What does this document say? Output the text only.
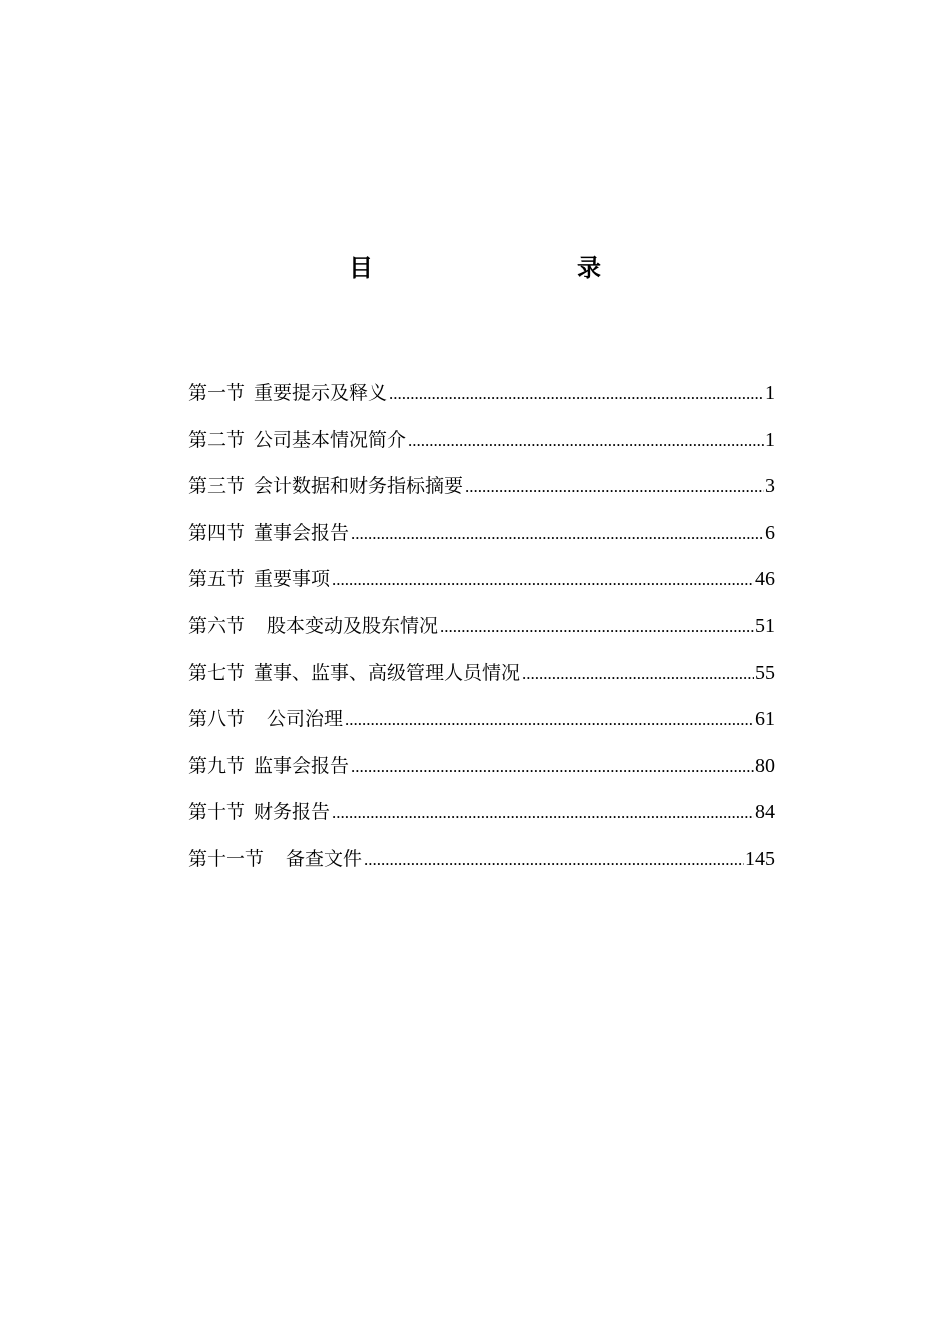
目　　录
第一节 重要提示及释义 .....	1
第二节 公司基本情况简介 .....	1
第三节 会计数据和财务指标摘要 .....	3
第四节 董事会报告 .....	6
第五节 重要事项 .....	46
第六节 股本变动及股东情况 .....	51
第七节 董事、监事、高级管理人员情况 .....	55
第八节 公司治理 .....	61
第九节 监事会报告 .....	80
第十节 财务报告 .....	84
第十一节 备查文件 .....	145
